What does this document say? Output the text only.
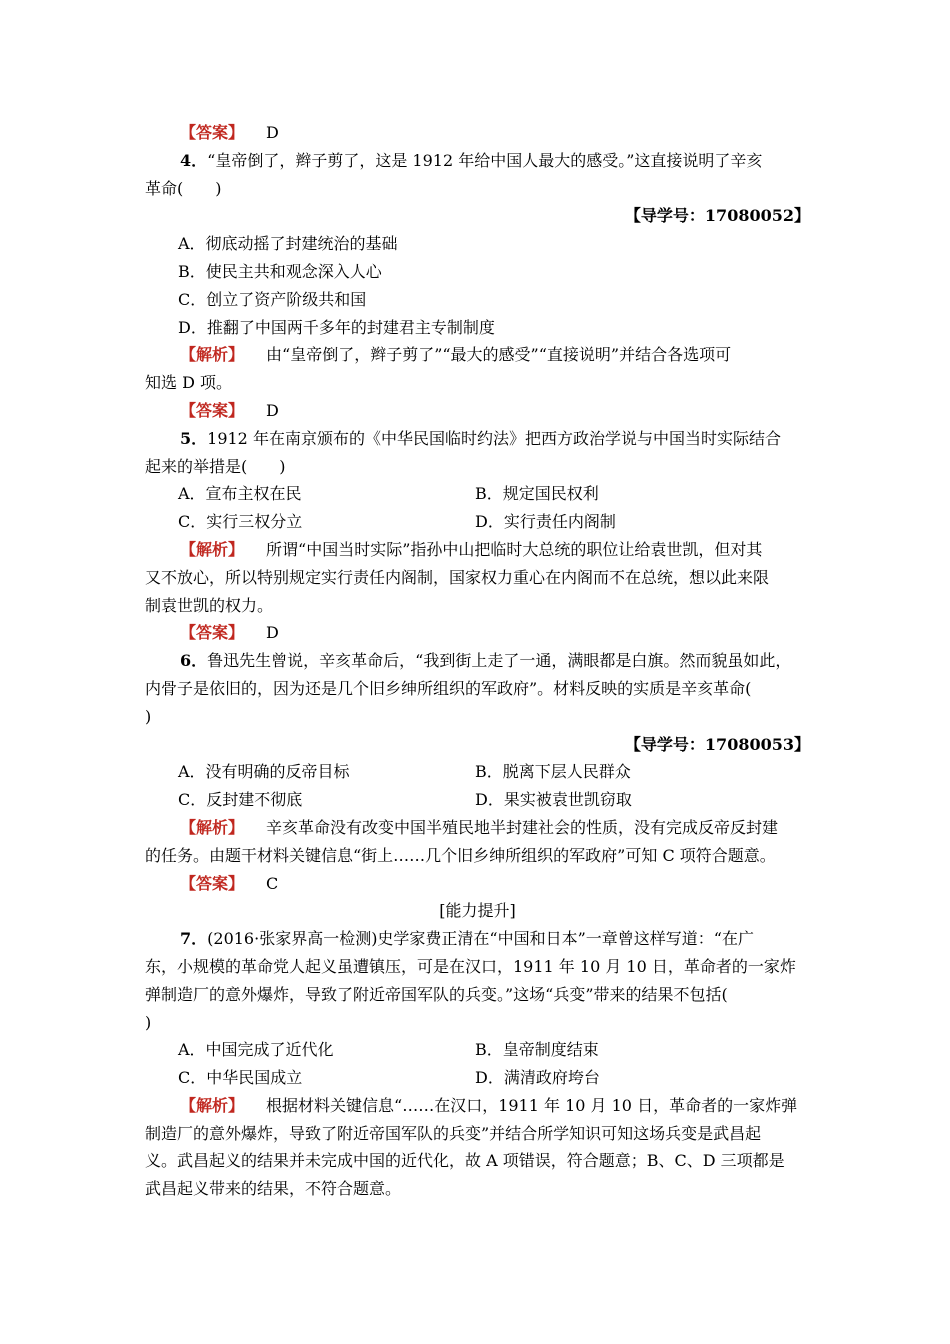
【答案】 D
4．“皇帝倒了，辫子剪了，这是 1912 年给中国人最大的感受。”这直接说明了辛亥
革命(　　)
【导学号：17080052】
A．彻底动摇了封建统治的基础
B．使民主共和观念深入人心
C．创立了资产阶级共和国
D．推翻了中国两千多年的封建君主专制制度
【解析】 由“皇帝倒了，辫子剪了”“最大的感受”“直接说明”并结合各选项可
知选 D 项。
【答案】 D
5．1912 年在南京颁布的《中华民国临时约法》把西方政治学说与中国当时实际结合
起来的举措是(　　)
A．宣布主权在民	B．规定国民权利
C．实行三权分立	D．实行责任内阁制
【解析】 所谓“中国当时实际”指孙中山把临时大总统的职位让给袁世凯，但对其
又不放心，所以特别规定实行责任内阁制，国家权力重心在内阁而不在总统，想以此来限
制袁世凯的权力。
【答案】 D
6．鲁迅先生曾说，辛亥革命后，“我到街上走了一通，满眼都是白旗。然而貌虽如此，
内骨子是依旧的，因为还是几个旧乡绅所组织的军政府”。材料反映的实质是辛亥革命(
)
【导学号：17080053】
A．没有明确的反帝目标	B．脱离下层人民群众
C．反封建不彻底	D．果实被袁世凯窃取
【解析】 辛亥革命没有改变中国半殖民地半封建社会的性质，没有完成反帝反封建
的任务。由题干材料关键信息“街上……几个旧乡绅所组织的军政府”可知 C 项符合题意。
【答案】 C
[能力提升]
7．(2016·张家界高一检测)史学家费正清在“中国和日本”一章曾这样写道：“在广
东，小规模的革命党人起义虽遭镇压，可是在汉口，1911 年 10 月 10 日，革命者的一家炸
弹制造厂的意外爆炸，导致了附近帝国军队的兵变。”这场“兵变”带来的结果不包括(
)
A．中国完成了近代化	B．皇帝制度结束
C．中华民国成立	D．满清政府垮台
【解析】 根据材料关键信息“……在汉口，1911 年 10 月 10 日，革命者的一家炸弹
制造厂的意外爆炸，导致了附近帝国军队的兵变”并结合所学知识可知这场兵变是武昌起
义。武昌起义的结果并未完成中国的近代化，故 A 项错误，符合题意；B、C、D 三项都是
武昌起义带来的结果，不符合题意。
